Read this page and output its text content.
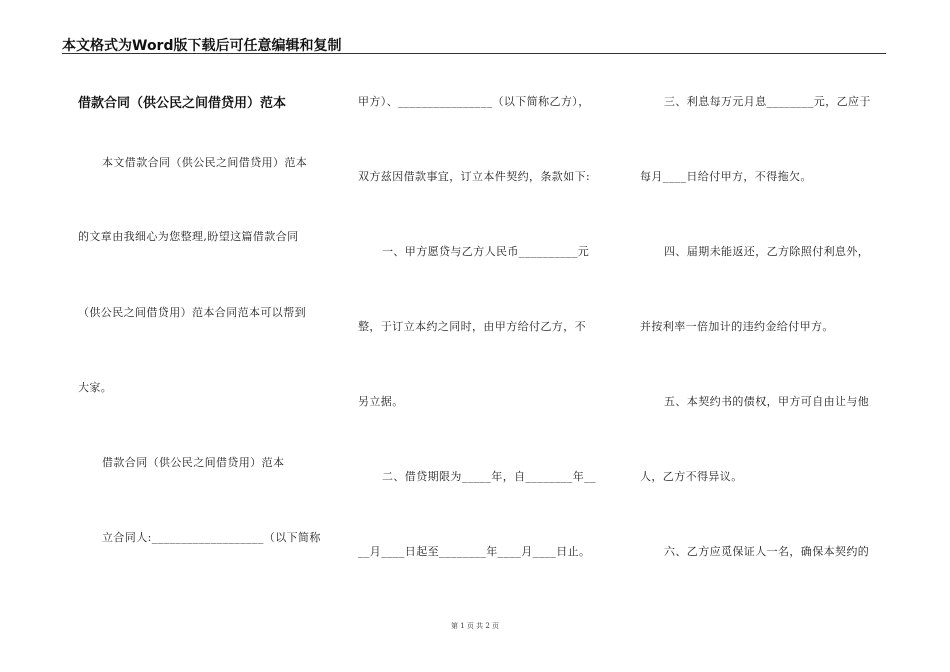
本文格式为Word版下载后可任意编辑和复制
借款合同（供公民之间借贷用）范本
本文借款合同（供公民之间借贷用）范本
的文章由我细心为您整理,盼望这篇借款合同
（供公民之间借贷用）范本合同范本可以帮到
大家。
借款合同（供公民之间借贷用）范本
立合同人:___________________（以下简称
甲方）、________________（以下简称乙方），
双方兹因借款事宜，订立本件契约，条款如下:
一、甲方愿贷与乙方人民币__________元
整，于订立本约之同时，由甲方给付乙方，不
另立据。
二、借贷期限为_____年，自________年__
__月____日起至________年____月____日止。
三、利息每万元月息________元，乙应于
每月____日给付甲方，不得拖欠。
四、届期未能返还，乙方除照付利息外，
并按利率一倍加计的违约金给付甲方。
五、本契约书的债权，甲方可自由让与他
人，乙方不得异议。
六、乙方应觅保证人一名，确保本契约的
第 1 页 共 2 页
